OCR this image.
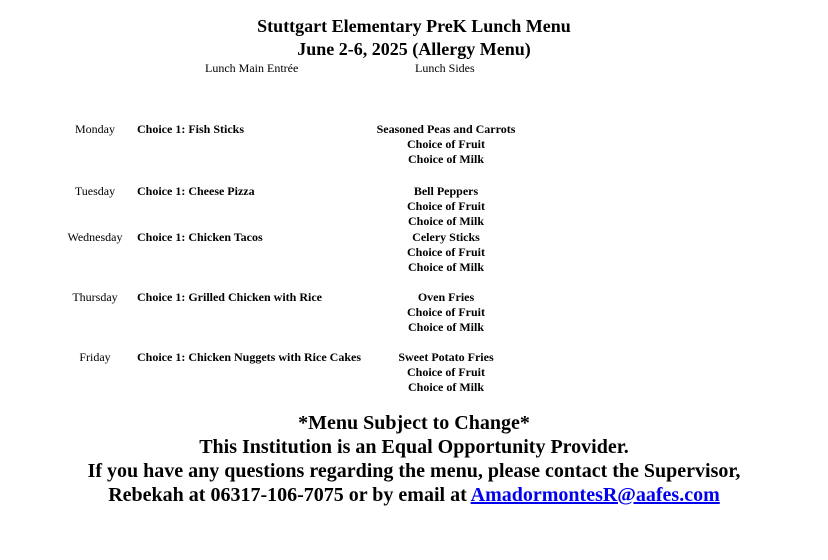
Stuttgart Elementary PreK Lunch Menu
June 2-6, 2025 (Allergy Menu)
Lunch Main Entrée	Lunch Sides
Monday	Choice 1: Fish Sticks	Seasoned Peas and Carrots
Choice of Fruit
Choice of Milk
Tuesday	Choice 1: Cheese Pizza	Bell Peppers
Choice of Fruit
Choice of Milk
Wednesday	Choice 1: Chicken Tacos	Celery Sticks
Choice of Fruit
Choice of Milk
Thursday	Choice 1: Grilled Chicken with Rice	Oven Fries
Choice of Fruit
Choice of Milk
Friday	Choice 1: Chicken Nuggets with Rice Cakes	Sweet Potato Fries
Choice of Fruit
Choice of Milk
*Menu Subject to Change*
This Institution is an Equal Opportunity Provider.
If you have any questions regarding the menu, please contact the Supervisor,
Rebekah at 06317-106-7075 or by email at AmadormontesR@aafes.com
